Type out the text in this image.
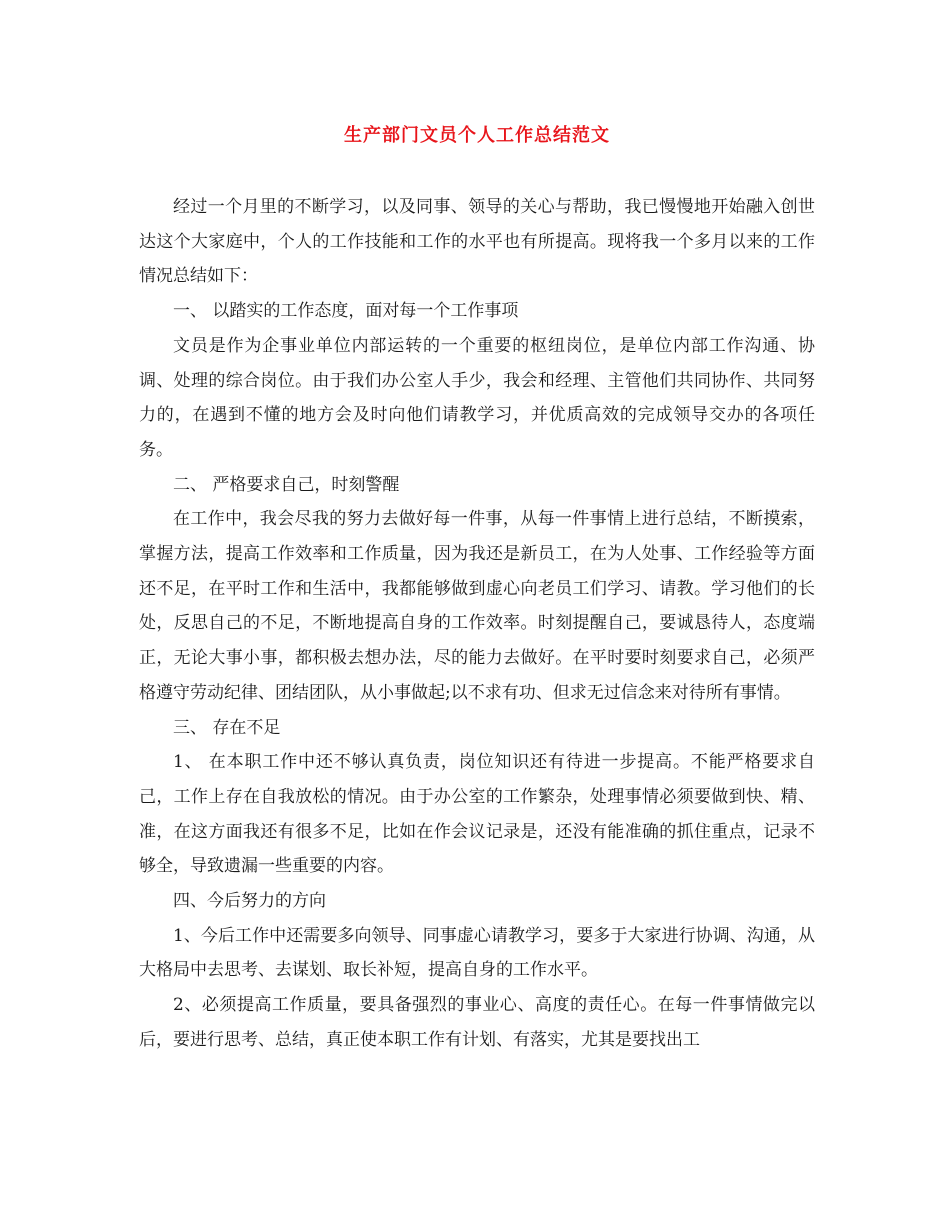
生产部门文员个人工作总结范文

经过一个月里的不断学习，以及同事、领导的关心与帮助，我已慢慢地开始融入创世达这个大家庭中，个人的工作技能和工作的水平也有所提高。现将我一个多月以来的工作情况总结如下：

一、 以踏实的工作态度，面对每一个工作事项

文员是作为企事业单位内部运转的一个重要的枢纽岗位，是单位内部工作沟通、协调、处理的综合岗位。由于我们办公室人手少，我会和经理、主管他们共同协作、共同努力的，在遇到不懂的地方会及时向他们请教学习，并优质高效的完成领导交办的各项任务。

二、 严格要求自己，时刻警醒

在工作中，我会尽我的努力去做好每一件事，从每一件事情上进行总结，不断摸索，掌握方法，提高工作效率和工作质量，因为我还是新员工，在为人处事、工作经验等方面还不足，在平时工作和生活中，我都能够做到虚心向老员工们学习、请教。学习他们的长处，反思自己的不足，不断地提高自身的工作效率。时刻提醒自己，要诚恳待人，态度端正，无论大事小事，都积极去想办法，尽的能力去做好。在平时要时刻要求自己，必须严格遵守劳动纪律、团结团队，从小事做起;以不求有功、但求无过信念来对待所有事情。

三、 存在不足

1、 在本职工作中还不够认真负责，岗位知识还有待进一步提高。不能严格要求自己，工作上存在自我放松的情况。由于办公室的工作繁杂，处理事情必须要做到快、精、准，在这方面我还有很多不足，比如在作会议记录是，还没有能准确的抓住重点，记录不够全，导致遗漏一些重要的内容。

四、今后努力的方向

1、今后工作中还需要多向领导、同事虚心请教学习，要多于大家进行协调、沟通，从大格局中去思考、去谋划、取长补短，提高自身的工作水平。

2、必须提高工作质量，要具备强烈的事业心、高度的责任心。在每一件事情做完以后，要进行思考、总结，真正使本职工作有计划、有落实，尤其是要找出工
